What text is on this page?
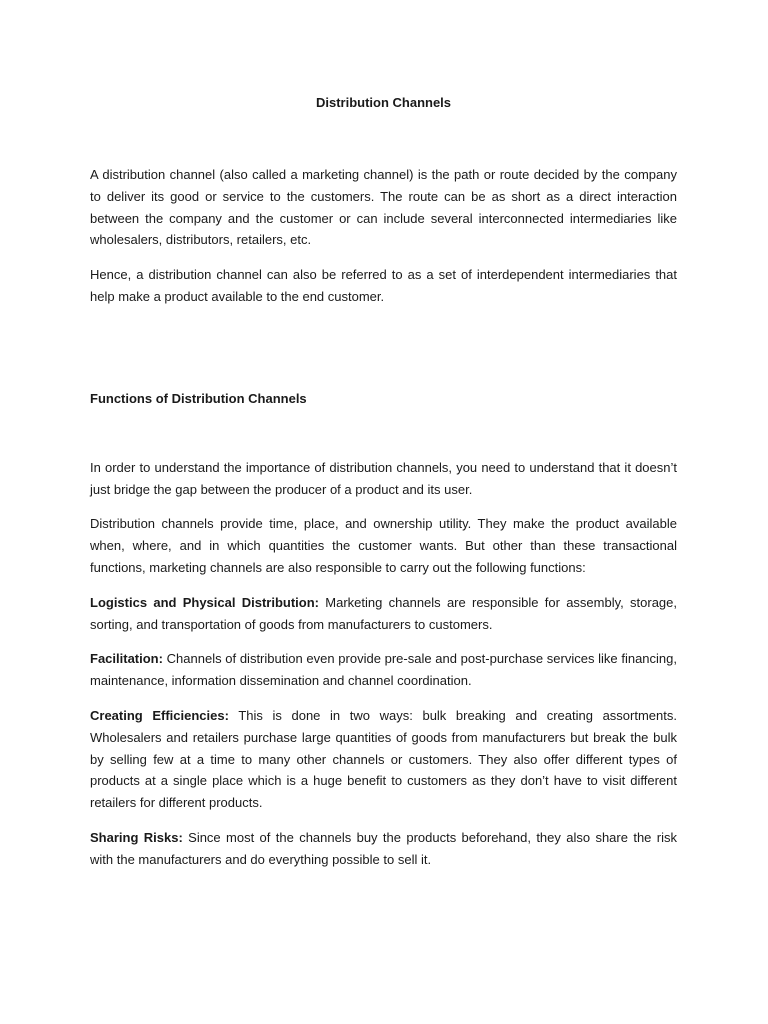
Distribution Channels

A distribution channel (also called a marketing channel) is the path or route decided by the company to deliver its good or service to the customers. The route can be as short as a direct interaction between the company and the customer or can include several interconnected intermediaries like wholesalers, distributors, retailers, etc.

Hence, a distribution channel can also be referred to as a set of interdependent intermediaries that help make a product available to the end customer.

Functions of Distribution Channels

In order to understand the importance of distribution channels, you need to understand that it doesn’t just bridge the gap between the producer of a product and its user.

Distribution channels provide time, place, and ownership utility. They make the product available when, where, and in which quantities the customer wants. But other than these transactional functions, marketing channels are also responsible to carry out the following functions:

Logistics and Physical Distribution: Marketing channels are responsible for assembly, storage, sorting, and transportation of goods from manufacturers to customers.

Facilitation: Channels of distribution even provide pre-sale and post-purchase services like financing, maintenance, information dissemination and channel coordination.

Creating Efficiencies: This is done in two ways: bulk breaking and creating assortments. Wholesalers and retailers purchase large quantities of goods from manufacturers but break the bulk by selling few at a time to many other channels or customers. They also offer different types of products at a single place which is a huge benefit to customers as they don’t have to visit different retailers for different products.

Sharing Risks: Since most of the channels buy the products beforehand, they also share the risk with the manufacturers and do everything possible to sell it.
